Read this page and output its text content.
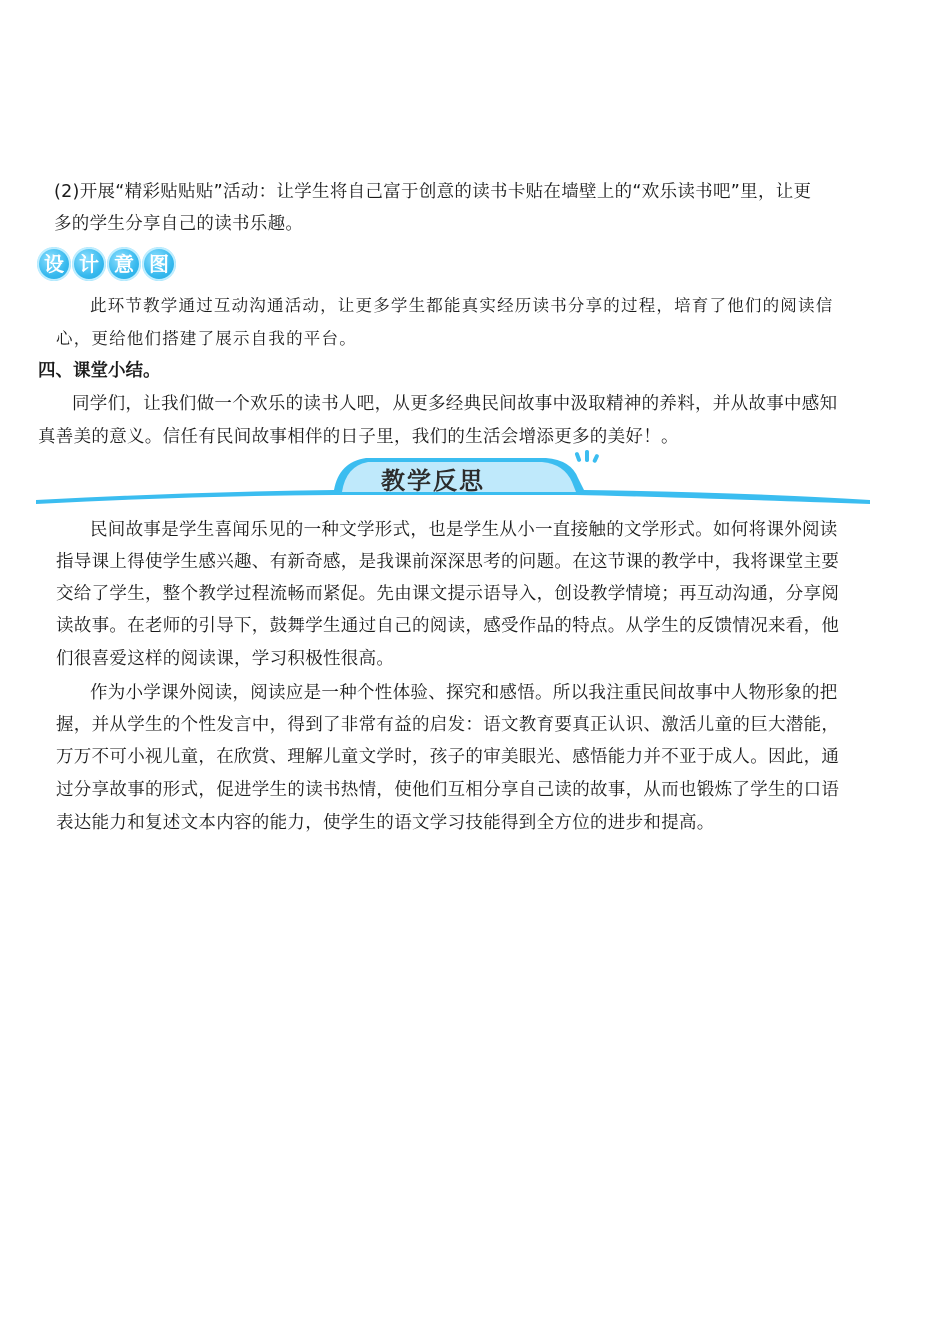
(2)开展“精彩贴贴贴”活动：让学生将自己富于创意的读书卡贴在墙壁上的“欢乐读书吧”里，让更
多的学生分享自己的读书乐趣。
设 计 意 图
此环节教学通过互动沟通活动，让更多学生都能真实经历读书分享的过程，培育了他们的阅读信
心，更给他们搭建了展示自我的平台。
四、课堂小结。
同学们，让我们做一个欢乐的读书人吧，从更多经典民间故事中汲取精神的养料，并从故事中感知
真善美的意义。信任有民间故事相伴的日子里，我们的生活会增添更多的美好！。
教学反思
民间故事是学生喜闻乐见的一种文学形式，也是学生从小一直接触的文学形式。如何将课外阅读
指导课上得使学生感兴趣、有新奇感，是我课前深深思考的问题。在这节课的教学中，我将课堂主要
交给了学生，整个教学过程流畅而紧促。先由课文提示语导入，创设教学情境；再互动沟通，分享阅
读故事。在老师的引导下，鼓舞学生通过自己的阅读，感受作品的特点。从学生的反馈情况来看，他
们很喜爱这样的阅读课，学习积极性很高。
作为小学课外阅读，阅读应是一种个性体验、探究和感悟。所以我注重民间故事中人物形象的把
握，并从学生的个性发言中，得到了非常有益的启发：语文教育要真正认识、激活儿童的巨大潜能，
万万不可小视儿童，在欣赏、理解儿童文学时，孩子的审美眼光、感悟能力并不亚于成人。因此，通
过分享故事的形式，促进学生的读书热情，使他们互相分享自己读的故事，从而也锻炼了学生的口语
表达能力和复述文本内容的能力，使学生的语文学习技能得到全方位的进步和提高。
